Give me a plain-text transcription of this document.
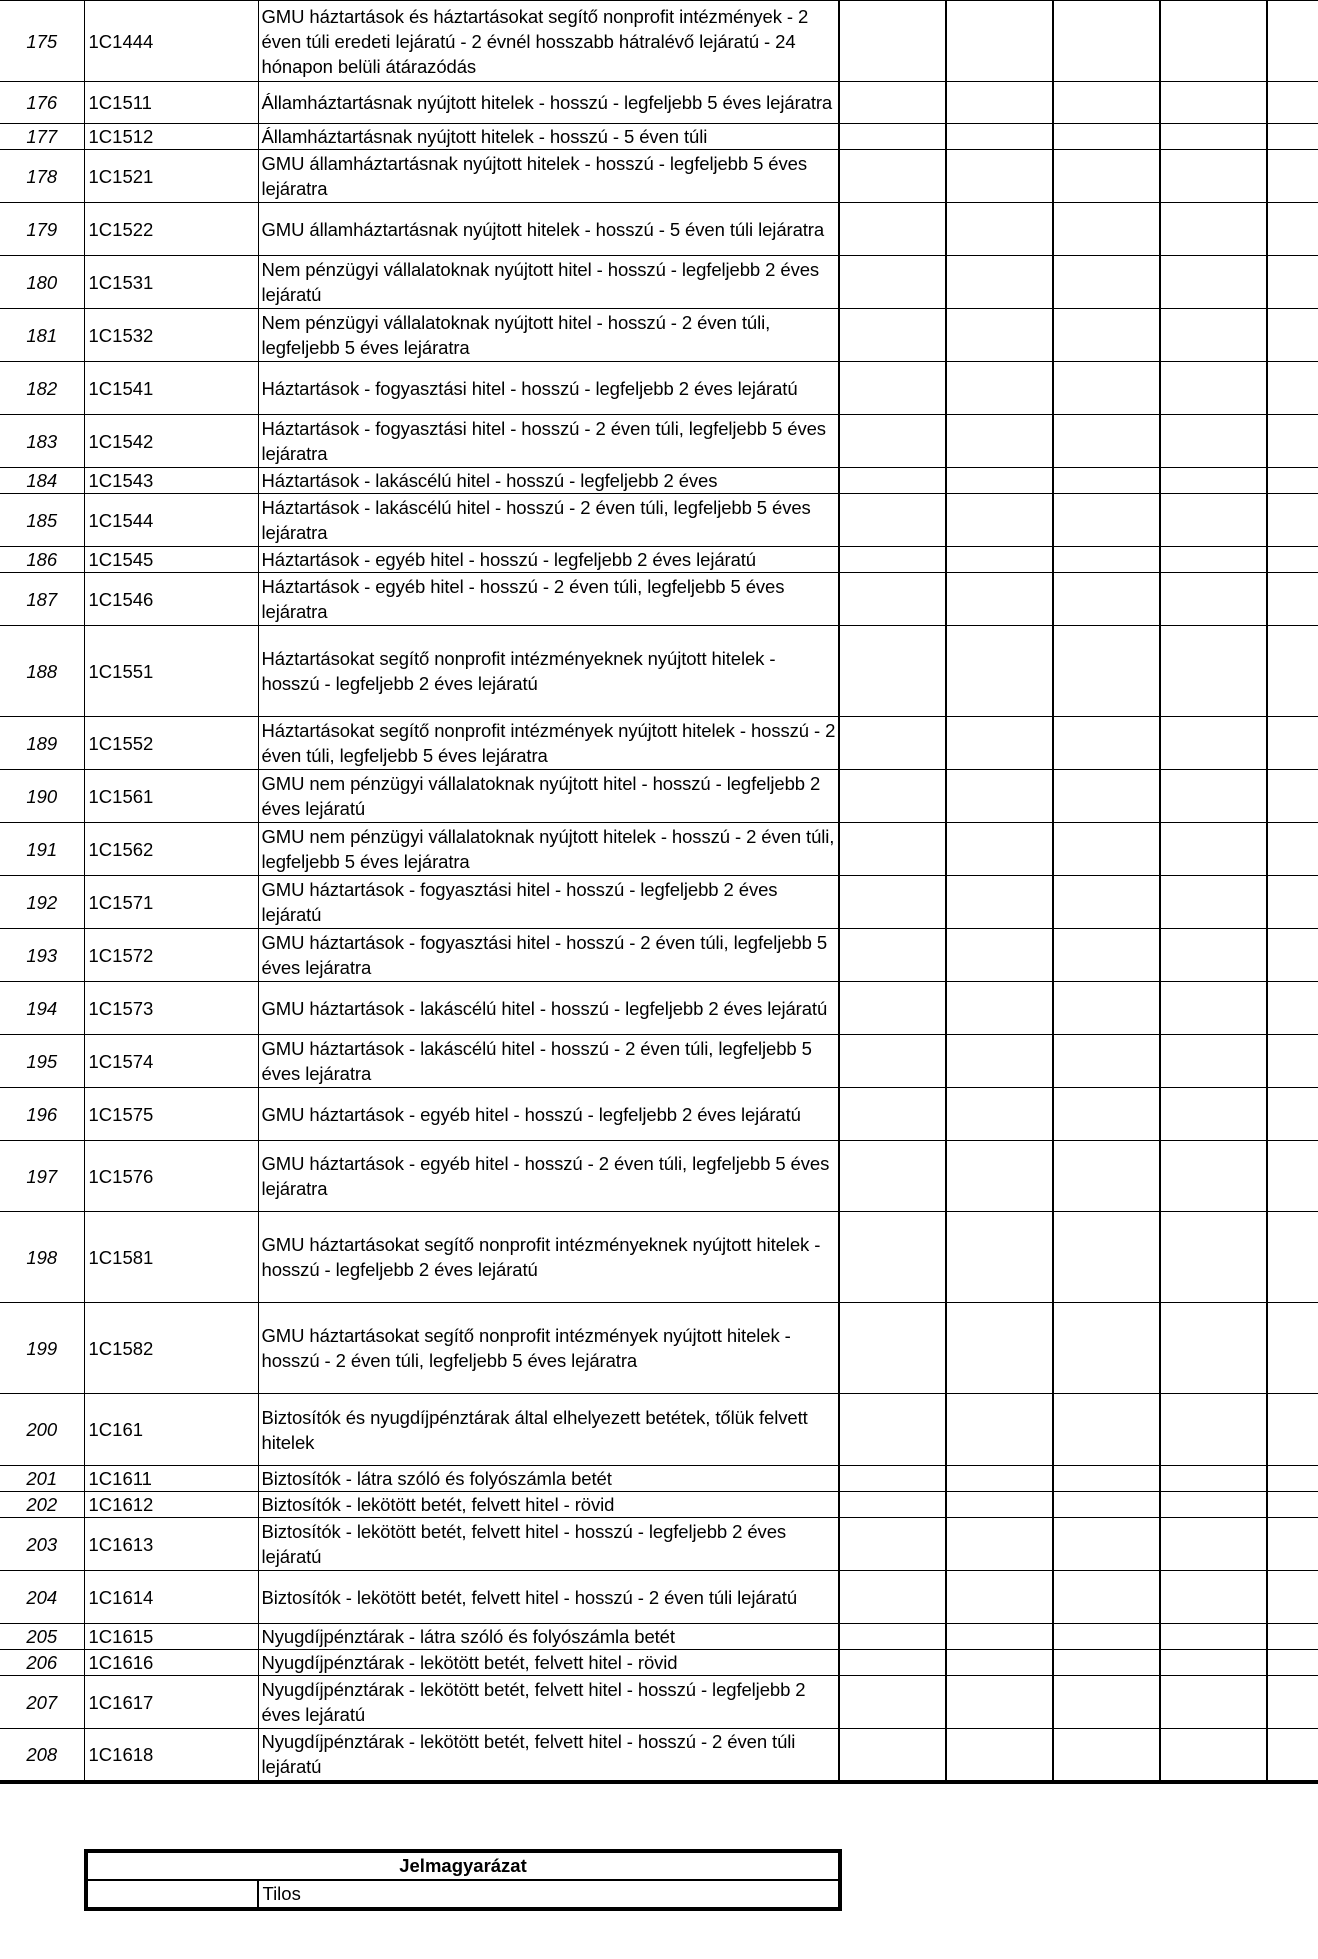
175	1C1444	GMU háztartások és háztartásokat segítő nonprofit intézmények - 2 éven túli eredeti lejáratú - 2 évnél hosszabb hátralévő lejáratú - 24 hónapon belüli átárazódás					
176	1C1511	Államháztartásnak nyújtott hitelek - hosszú - legfeljebb 5 éves lejáratra					
177	1C1512	Államháztartásnak nyújtott hitelek - hosszú - 5 éven túli					
178	1C1521	GMU államháztartásnak nyújtott hitelek - hosszú - legfeljebb 5 éves lejáratra					
179	1C1522	GMU államháztartásnak nyújtott hitelek - hosszú - 5 éven túli lejáratra					
180	1C1531	Nem pénzügyi vállalatoknak nyújtott hitel - hosszú - legfeljebb 2 éves lejáratú					
181	1C1532	Nem pénzügyi vállalatoknak nyújtott hitel - hosszú - 2 éven túli, legfeljebb 5 éves lejáratra					
182	1C1541	Háztartások - fogyasztási hitel - hosszú - legfeljebb 2 éves lejáratú					
183	1C1542	Háztartások - fogyasztási hitel - hosszú - 2 éven túli, legfeljebb 5 éves lejáratra					
184	1C1543	Háztartások - lakáscélú hitel - hosszú - legfeljebb 2 éves					
185	1C1544	Háztartások - lakáscélú hitel - hosszú - 2 éven túli, legfeljebb 5 éves lejáratra					
186	1C1545	Háztartások - egyéb hitel - hosszú - legfeljebb 2 éves lejáratú					
187	1C1546	Háztartások - egyéb hitel - hosszú - 2 éven túli, legfeljebb 5 éves lejáratra					
188	1C1551	Háztartásokat segítő nonprofit intézményeknek nyújtott hitelek - hosszú - legfeljebb 2 éves lejáratú					
189	1C1552	Háztartásokat segítő nonprofit intézmények nyújtott hitelek - hosszú - 2 éven túli, legfeljebb 5 éves lejáratra					
190	1C1561	GMU nem pénzügyi vállalatoknak nyújtott hitel - hosszú - legfeljebb 2 éves lejáratú					
191	1C1562	GMU nem pénzügyi vállalatoknak nyújtott hitelek - hosszú - 2 éven túli, legfeljebb 5 éves lejáratra					
192	1C1571	GMU háztartások - fogyasztási hitel - hosszú - legfeljebb 2 éves lejáratú					
193	1C1572	GMU háztartások - fogyasztási hitel - hosszú - 2 éven túli, legfeljebb 5 éves lejáratra					
194	1C1573	GMU háztartások - lakáscélú hitel - hosszú - legfeljebb 2 éves lejáratú					
195	1C1574	GMU háztartások - lakáscélú hitel - hosszú - 2 éven túli, legfeljebb 5 éves lejáratra					
196	1C1575	GMU háztartások - egyéb hitel - hosszú - legfeljebb 2 éves lejáratú					
197	1C1576	GMU háztartások - egyéb hitel - hosszú - 2 éven túli, legfeljebb 5 éves lejáratra					
198	1C1581	GMU háztartásokat segítő nonprofit intézményeknek nyújtott hitelek - hosszú - legfeljebb 2 éves lejáratú					
199	1C1582	GMU háztartásokat segítő nonprofit intézmények nyújtott hitelek - hosszú - 2 éven túli, legfeljebb 5 éves lejáratra					
200	1C161	Biztosítók és nyugdíjpénztárak által elhelyezett betétek, tőlük felvett hitelek					
201	1C1611	Biztosítók - látra szóló és folyószámla betét					
202	1C1612	Biztosítók - lekötött betét, felvett hitel - rövid					
203	1C1613	Biztosítók - lekötött betét, felvett hitel - hosszú - legfeljebb 2 éves lejáratú					
204	1C1614	Biztosítók - lekötött betét, felvett hitel - hosszú - 2 éven túli lejáratú					
205	1C1615	Nyugdíjpénztárak - látra szóló és folyószámla betét					
206	1C1616	Nyugdíjpénztárak - lekötött betét, felvett hitel - rövid					
207	1C1617	Nyugdíjpénztárak - lekötött betét, felvett hitel - hosszú - legfeljebb 2 éves lejáratú					
208	1C1618	Nyugdíjpénztárak - lekötött betét, felvett hitel - hosszú - 2 éven túli lejáratú					
Jelmagyarázat
	Tilos
